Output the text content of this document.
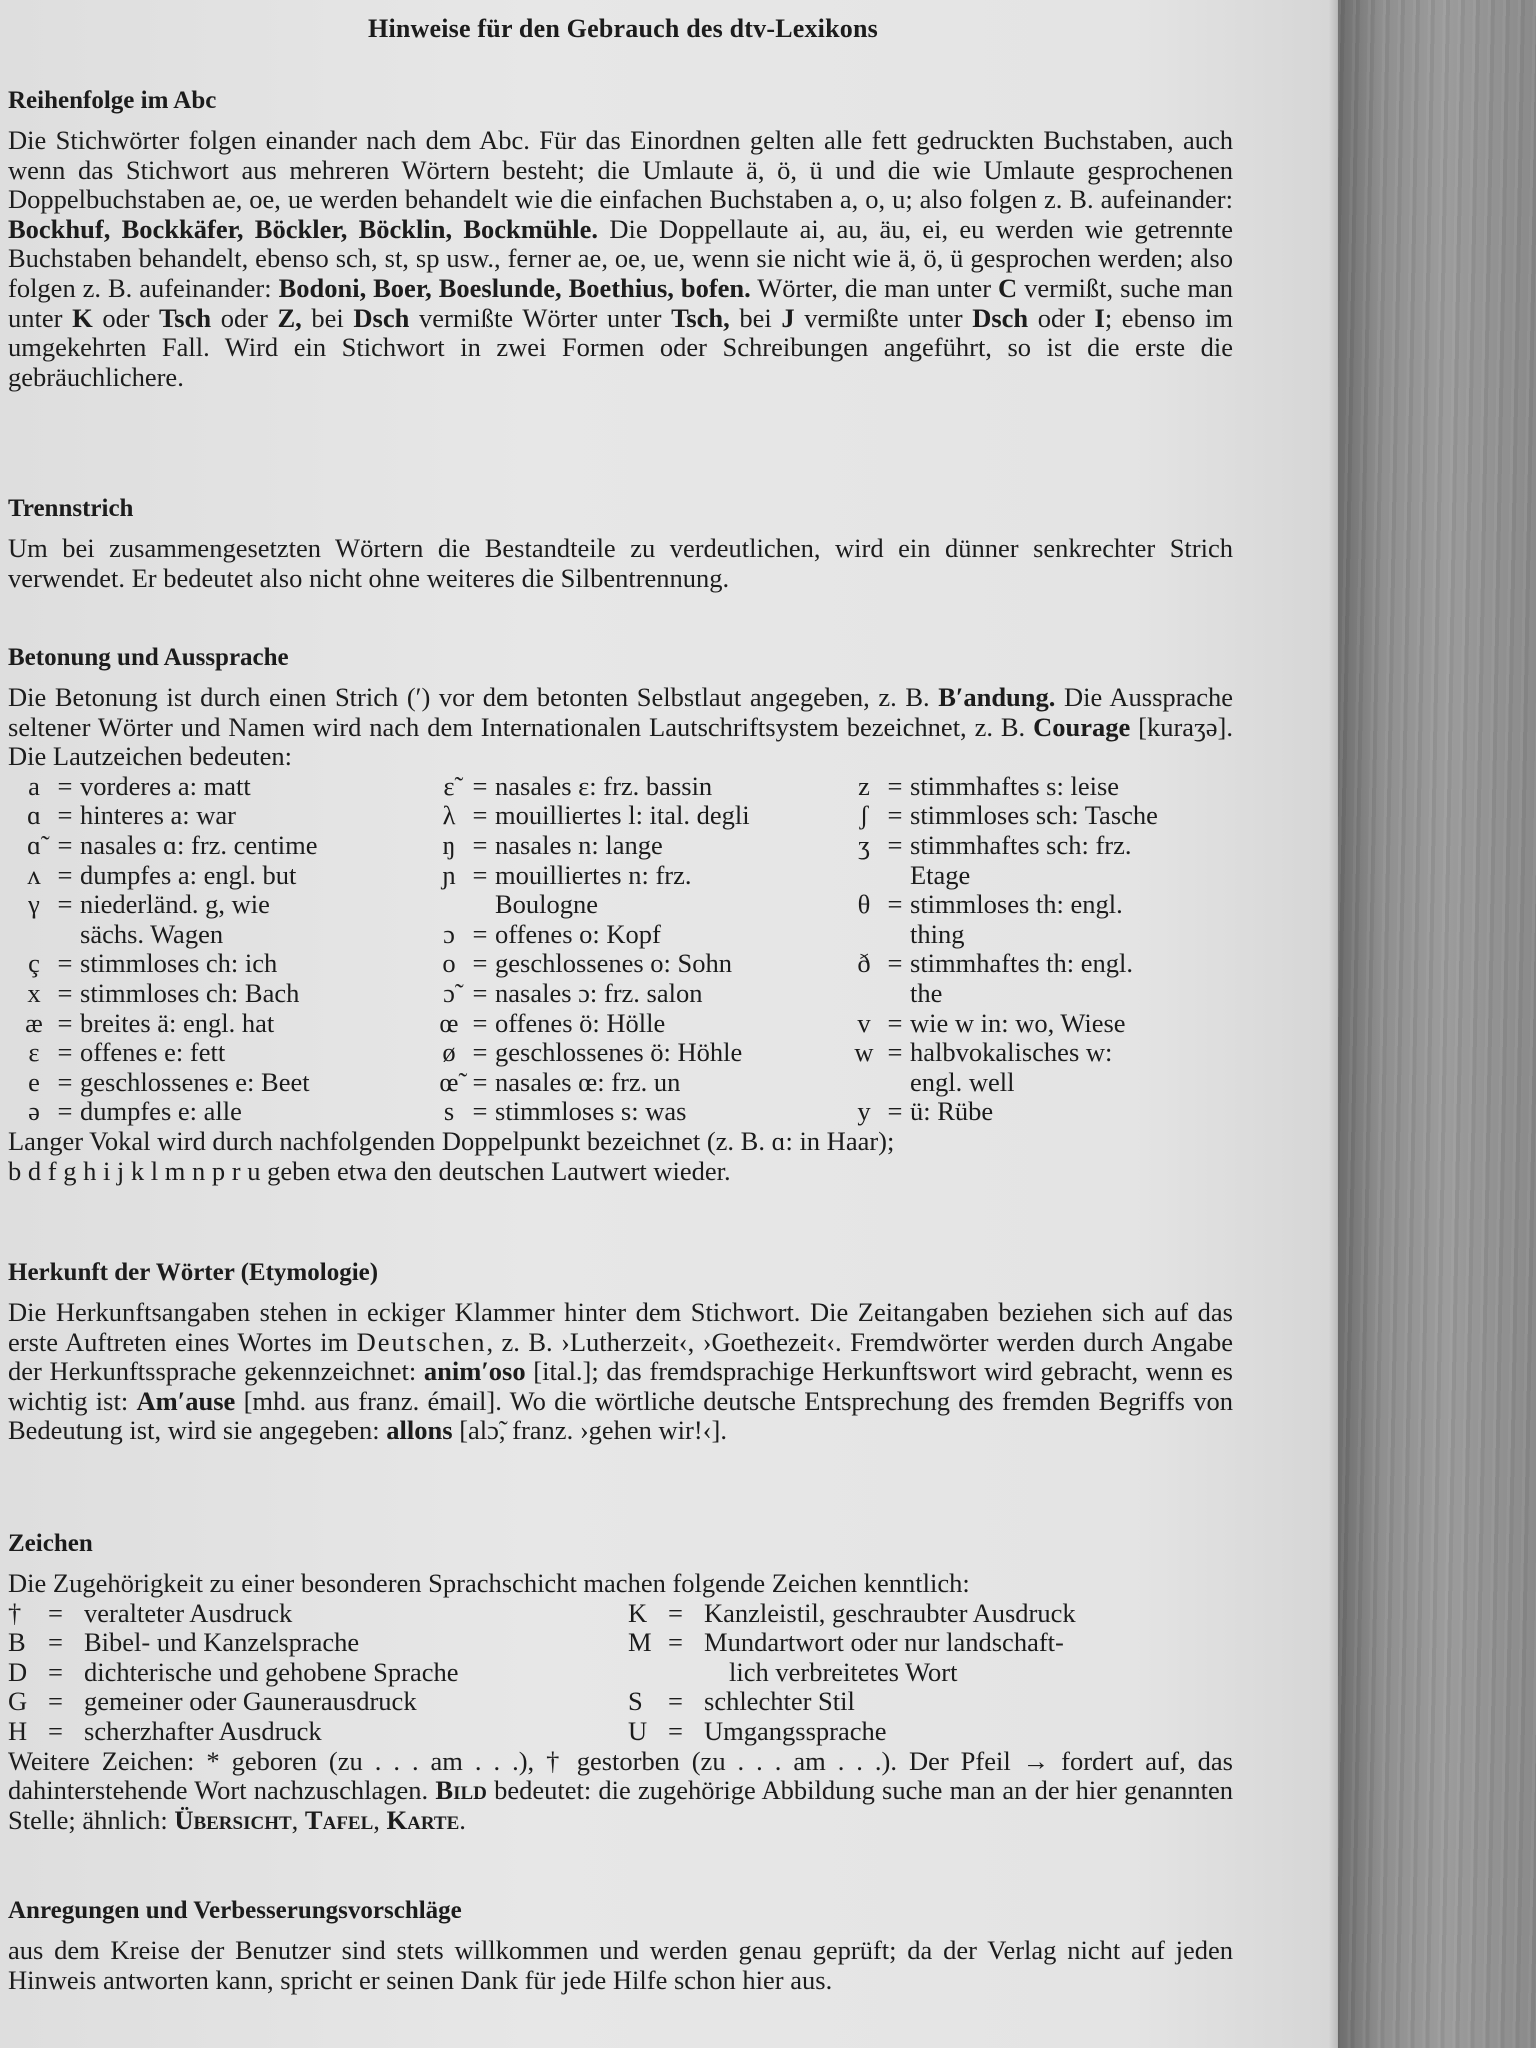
Hinweise für den Gebrauch des dtv-Lexikons
Reihenfolge im Abc

Die Stichwörter folgen einander nach dem Abc. Für das Einordnen gelten alle fett gedruckten Buchstaben, auch wenn das Stichwort aus mehreren Wörtern besteht; die Umlaute ä, ö, ü und die wie Umlaute gesprochenen Doppelbuchstaben ae, oe, ue werden behandelt wie die einfachen Buchstaben a, o, u; also folgen z. B. aufeinander: Bockhuf, Bockkäfer, Böckler, Böcklin, Bockmühle. Die Doppellaute ai, au, äu, ei, eu werden wie getrennte Buchstaben behandelt, ebenso sch, st, sp usw., ferner ae, oe, ue, wenn sie nicht wie ä, ö, ü gesprochen werden; also folgen z. B. aufeinander: Bodoni, Boer, Boeslunde, Boethius, bofen. Wörter, die man unter C vermißt, suche man unter K oder Tsch oder Z, bei Dsch vermißte Wörter unter Tsch, bei J vermißte unter Dsch oder I; ebenso im umgekehrten Fall. Wird ein Stichwort in zwei Formen oder Schreibungen angeführt, so ist die erste die gebräuchlichere.

Trennstrich

Um bei zusammengesetzten Wörtern die Bestandteile zu verdeutlichen, wird ein dünner senkrechter Strich verwendet. Er bedeutet also nicht ohne weiteres die Silbentrennung.

Betonung und Aussprache

Die Betonung ist durch einen Strich (′) vor dem betonten Selbstlaut angegeben, z. B. B′andung. Die Aussprache seltener Wörter und Namen wird nach dem Internationalen Lautschriftsystem bezeichnet, z. B. Courage [kuraʒə]. Die Lautzeichen bedeuten:

a = vorderes a: matt
ɑ = hinteres a: war
ɑ̃ = nasales ɑ: frz. centime
ʌ = dumpfes a: engl. but
γ = niederländ. g, wie
sächs. Wagen
ç = stimmloses ch: ich
x = stimmloses ch: Bach
æ = breites ä: engl. hat
ε = offenes e: fett
e = geschlossenes e: Beet
ə = dumpfes e: alle
ε̃ = nasales ε: frz. bassin
λ = mouilliertes l: ital. degli
ŋ = nasales n: lange
ɲ = mouilliertes n: frz.
Boulogne
ɔ = offenes o: Kopf
o = geschlossenes o: Sohn
ɔ̃ = nasales ɔ: frz. salon
œ = offenes ö: Hölle
ø = geschlossenes ö: Höhle
œ̃ = nasales œ: frz. un
s = stimmloses s: was
z = stimmhaftes s: leise
ʃ = stimmloses sch: Tasche
ʒ = stimmhaftes sch: frz.
Etage
θ = stimmloses th: engl.
thing
ð = stimmhaftes th: engl.
the
v = wie w in: wo, Wiese
w = halbvokalisches w:
engl. well
y = ü: Rübe

Langer Vokal wird durch nachfolgenden Doppelpunkt bezeichnet (z. B. ɑ: in Haar);

b d f g h i j k l m n p r u geben etwa den deutschen Lautwert wieder.

Herkunft der Wörter (Etymologie)

Die Herkunftsangaben stehen in eckiger Klammer hinter dem Stichwort. Die Zeitangaben beziehen sich auf das erste Auftreten eines Wortes im Deutschen, z. B. ›Lutherzeit‹, ›Goethezeit‹. Fremdwörter werden durch Angabe der Herkunftssprache gekennzeichnet: anim′oso [ital.]; das fremdsprachige Herkunftswort wird gebracht, wenn es wichtig ist: Am′ause [mhd. aus franz. émail]. Wo die wörtliche deutsche Entsprechung des fremden Begriffs von Bedeutung ist, wird sie angegeben: allons [alɔ̃, franz. ›gehen wir!‹].

Zeichen

Die Zugehörigkeit zu einer besonderen Sprachschicht machen folgende Zeichen kenntlich:

†	= veralteter Ausdruck
B = Bibel- und Kanzelsprache
D = dichterische und gehobene Sprache
G = gemeiner oder Gaunerausdruck
H = scherzhafter Ausdruck
K = Kanzleistil, geschraubter Ausdruck
M = Mundartwort oder nur landschaft-
lich verbreitetes Wort
S = schlechter Stil
U = Umgangssprache

Weitere Zeichen: * geboren (zu . . . am . . .), † gestorben (zu . . . am . . .). Der Pfeil → fordert auf, das dahinterstehende Wort nachzuschlagen. Bild bedeutet: die zugehörige Abbildung suche man an der hier genannten Stelle; ähnlich: Übersicht, Tafel, Karte.

Anregungen und Verbesserungsvorschläge

aus dem Kreise der Benutzer sind stets willkommen und werden genau geprüft; da der Verlag nicht auf jeden Hinweis antworten kann, spricht er seinen Dank für jede Hilfe schon hier aus.
